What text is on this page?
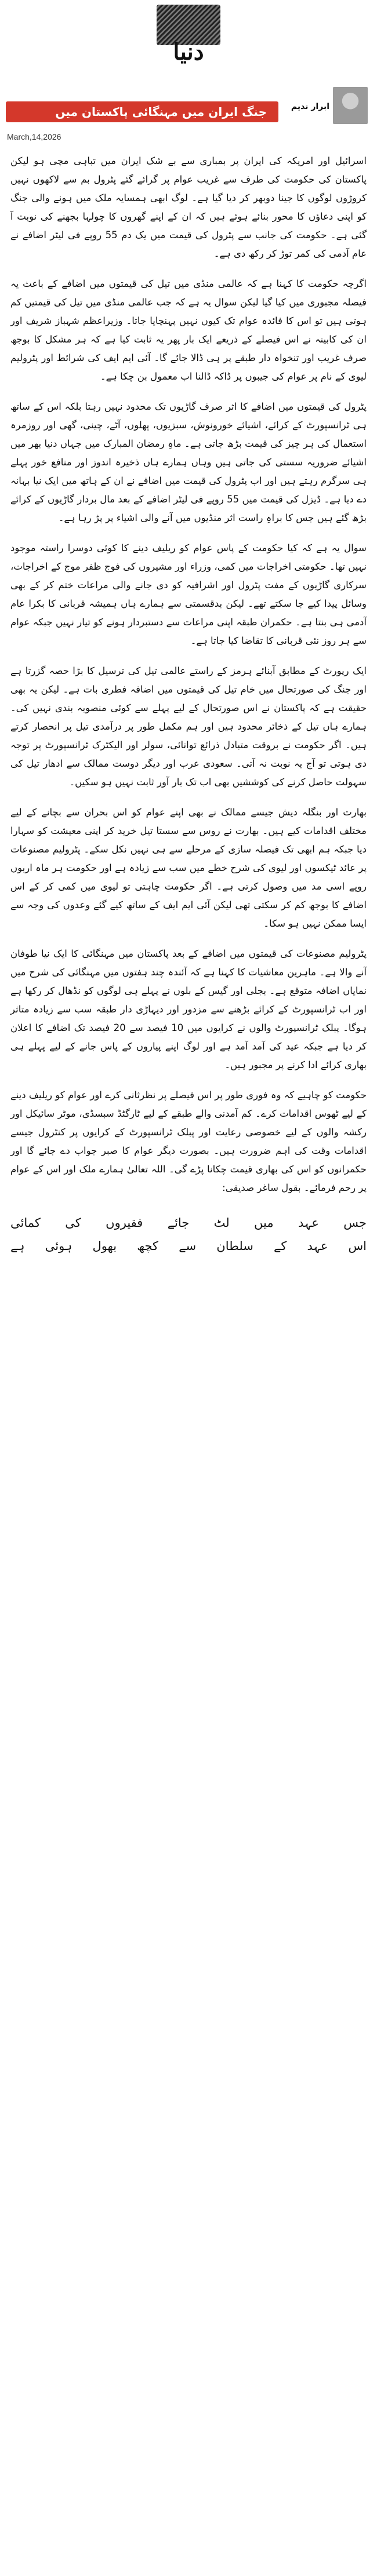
دنیا
جنگ ایران میں مہنگائی پاکستان میں	ابرار ندیم
March,14,2026

اسرائیل اور امریکہ کی ایران پر بمباری سے بے شک ایران میں تباہی مچی ہو لیکن پاکستان کی حکومت کی طرف سے غریب عوام پر گرائے گئے پٹرول بم سے لاکھوں نہیں کروڑوں لوگوں کا جینا دوبھر کر دیا گیا ہے۔ لوگ ابھی ہمسایہ ملک میں ہونے والی جنگ کو اپنی دعاؤں کا محور بنائے ہوئے ہیں کہ ان کے اپنے گھروں کا چولہا بجھنے کی نوبت آ گئی ہے۔ حکومت کی جانب سے پٹرول کی قیمت میں یک دم 55 روپے فی لیٹر اضافے نے عام آدمی کی کمر توڑ کر رکھ دی ہے۔

اگرچہ حکومت کا کہنا ہے کہ عالمی منڈی میں تیل کی قیمتوں میں اضافے کے باعث یہ فیصلہ مجبوری میں کیا گیا لیکن سوال یہ ہے کہ جب عالمی منڈی میں تیل کی قیمتیں کم ہوتی ہیں تو اس کا فائدہ عوام تک کیوں نہیں پہنچایا جاتا۔ وزیراعظم شہباز شریف اور ان کی کابینہ نے اس فیصلے کے ذریعے ایک بار پھر یہ ثابت کیا ہے کہ ہر مشکل کا بوجھ صرف غریب اور تنخواہ دار طبقے پر ہی ڈالا جائے گا۔ آئی ایم ایف کی شرائط اور پٹرولیم لیوی کے نام پر عوام کی جیبوں پر ڈاکہ ڈالنا اب معمول بن چکا ہے۔

پٹرول کی قیمتوں میں اضافے کا اثر صرف گاڑیوں تک محدود نہیں رہتا بلکہ اس کے ساتھ ہی ٹرانسپورٹ کے کرائے، اشیائے خورونوش، سبزیوں، پھلوں، آٹے، چینی، گھی اور روزمرہ استعمال کی ہر چیز کی قیمت بڑھ جاتی ہے۔ ماہِ رمضان المبارک میں جہاں دنیا بھر میں اشیائے ضروریہ سستی کی جاتی ہیں وہاں ہمارے ہاں ذخیرہ اندوز اور منافع خور پہلے ہی سرگرم رہتے ہیں اور اب پٹرول کی قیمت میں اضافے نے ان کے ہاتھ میں ایک نیا بہانہ دے دیا ہے۔ ڈیزل کی قیمت میں 55 روپے فی لیٹر اضافے کے بعد مال بردار گاڑیوں کے کرائے بڑھ گئے ہیں جس کا براہِ راست اثر منڈیوں میں آنے والی اشیاء پر پڑ رہا ہے۔

سوال یہ ہے کہ کیا حکومت کے پاس عوام کو ریلیف دینے کا کوئی دوسرا راستہ موجود نہیں تھا۔ حکومتی اخراجات میں کمی، وزراء اور مشیروں کی فوج ظفر موج کے اخراجات، سرکاری گاڑیوں کے مفت پٹرول اور اشرافیہ کو دی جانے والی مراعات ختم کر کے بھی وسائل پیدا کیے جا سکتے تھے۔ لیکن بدقسمتی سے ہمارے ہاں ہمیشہ قربانی کا بکرا عام آدمی ہی بنتا ہے۔ حکمران طبقہ اپنی مراعات سے دستبردار ہونے کو تیار نہیں جبکہ عوام سے ہر روز نئی قربانی کا تقاضا کیا جاتا ہے۔

ایک رپورٹ کے مطابق آبنائے ہرمز کے راستے عالمی تیل کی ترسیل کا بڑا حصہ گزرتا ہے اور جنگ کی صورتحال میں خام تیل کی قیمتوں میں اضافہ فطری بات ہے۔ لیکن یہ بھی حقیقت ہے کہ پاکستان نے اس صورتحال کے لیے پہلے سے کوئی منصوبہ بندی نہیں کی۔ ہمارے ہاں تیل کے ذخائر محدود ہیں اور ہم مکمل طور پر درآمدی تیل پر انحصار کرتے ہیں۔ اگر حکومت نے بروقت متبادل ذرائع توانائی، سولر اور الیکٹرک ٹرانسپورٹ پر توجہ دی ہوتی تو آج یہ نوبت نہ آتی۔ سعودی عرب اور دیگر دوست ممالک سے ادھار تیل کی سہولت حاصل کرنے کی کوششیں بھی اب تک بار آور ثابت نہیں ہو سکیں۔

بھارت اور بنگلہ دیش جیسے ممالک نے بھی اپنے عوام کو اس بحران سے بچانے کے لیے مختلف اقدامات کیے ہیں۔ بھارت نے روس سے سستا تیل خرید کر اپنی معیشت کو سہارا دیا جبکہ ہم ابھی تک فیصلہ سازی کے مرحلے سے ہی نہیں نکل سکے۔ پٹرولیم مصنوعات پر عائد ٹیکسوں اور لیوی کی شرح خطے میں سب سے زیادہ ہے اور حکومت ہر ماہ اربوں روپے اسی مد میں وصول کرتی ہے۔ اگر حکومت چاہتی تو لیوی میں کمی کر کے اس اضافے کا بوجھ کم کر سکتی تھی لیکن آئی ایم ایف کے ساتھ کیے گئے وعدوں کی وجہ سے ایسا ممکن نہیں ہو سکا۔

پٹرولیم مصنوعات کی قیمتوں میں اضافے کے بعد پاکستان میں مہنگائی کا ایک نیا طوفان آنے والا ہے۔ ماہرین معاشیات کا کہنا ہے کہ آئندہ چند ہفتوں میں مہنگائی کی شرح میں نمایاں اضافہ متوقع ہے۔ بجلی اور گیس کے بلوں نے پہلے ہی لوگوں کو نڈھال کر رکھا ہے اور اب ٹرانسپورٹ کے کرائے بڑھنے سے مزدور اور دیہاڑی دار طبقہ سب سے زیادہ متاثر ہوگا۔ پبلک ٹرانسپورٹ والوں نے کرایوں میں 10 فیصد سے 20 فیصد تک اضافے کا اعلان کر دیا ہے جبکہ عید کی آمد آمد ہے اور لوگ اپنے پیاروں کے پاس جانے کے لیے پہلے ہی بھاری کرائے ادا کرنے پر مجبور ہیں۔

حکومت کو چاہیے کہ وہ فوری طور پر اس فیصلے پر نظرثانی کرے اور عوام کو ریلیف دینے کے لیے ٹھوس اقدامات کرے۔ کم آمدنی والے طبقے کے لیے ٹارگٹڈ سبسڈی، موٹر سائیکل اور رکشہ والوں کے لیے خصوصی رعایت اور پبلک ٹرانسپورٹ کے کرایوں پر کنٹرول جیسے اقدامات وقت کی اہم ضرورت ہیں۔ بصورت دیگر عوام کا صبر جواب دے جائے گا اور حکمرانوں کو اس کی بھاری قیمت چکانا پڑے گی۔ اللہ تعالیٰ ہمارے ملک اور اس کے عوام پر رحم فرمائے۔ بقول ساغر صدیقی:

جس عہد میں لٹ جائے فقیروں کی کمائی
اس عہد کے سلطان سے کچھ بھول ہوئی ہے
